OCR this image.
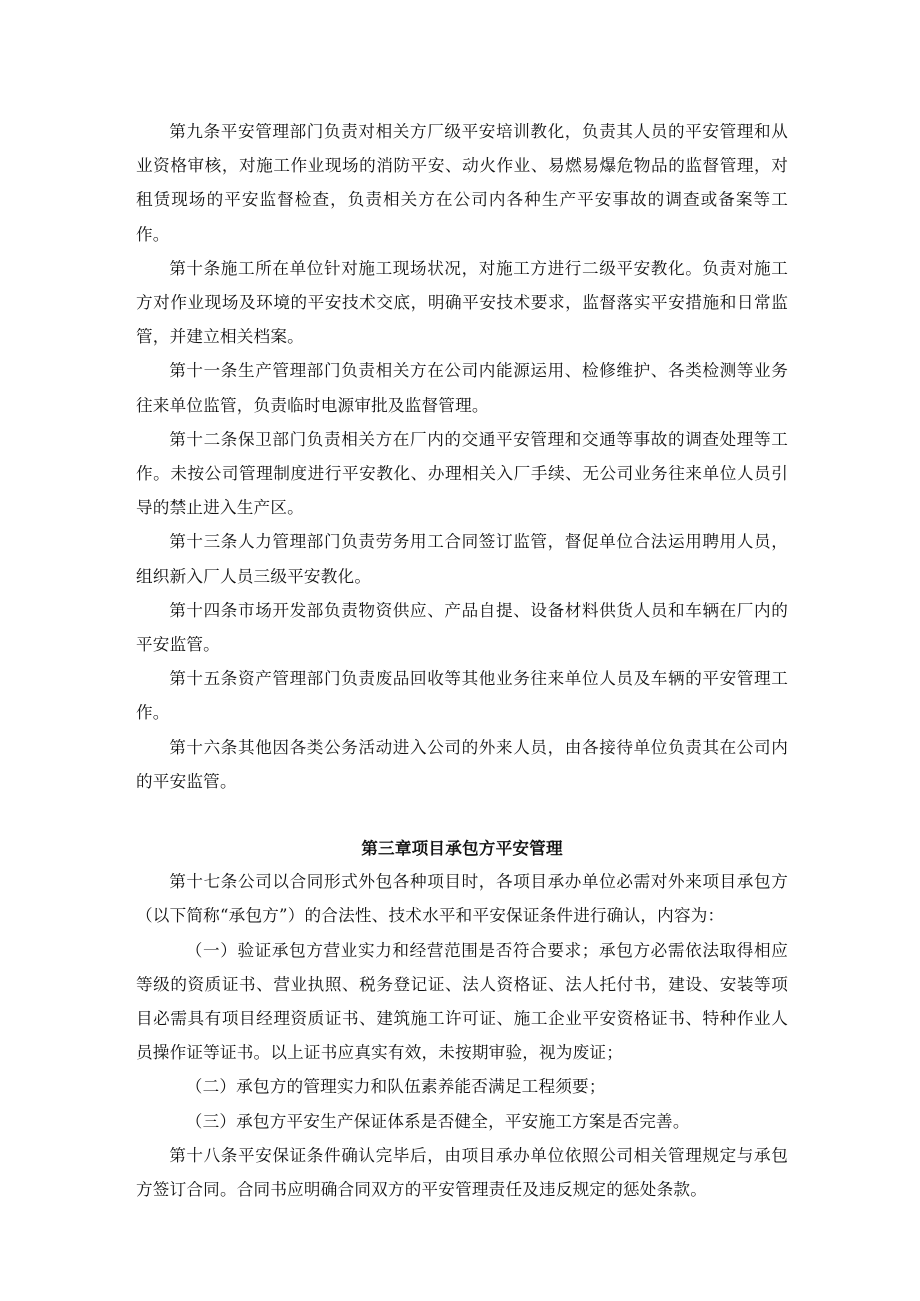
第九条平安管理部门负责对相关方厂级平安培训教化，负责其人员的平安管理和从业资格审核，对施工作业现场的消防平安、动火作业、易燃易爆危物品的监督管理，对租赁现场的平安监督检查，负责相关方在公司内各种生产平安事故的调查或备案等工作。

第十条施工所在单位针对施工现场状况，对施工方进行二级平安教化。负责对施工方对作业现场及环境的平安技术交底，明确平安技术要求，监督落实平安措施和日常监管，并建立相关档案。

第十一条生产管理部门负责相关方在公司内能源运用、检修维护、各类检测等业务往来单位监管，负责临时电源审批及监督管理。

第十二条保卫部门负责相关方在厂内的交通平安管理和交通等事故的调查处理等工作。未按公司管理制度进行平安教化、办理相关入厂手续、无公司业务往来单位人员引导的禁止进入生产区。

第十三条人力管理部门负责劳务用工合同签订监管，督促单位合法运用聘用人员，组织新入厂人员三级平安教化。

第十四条市场开发部负责物资供应、产品自提、设备材料供货人员和车辆在厂内的平安监管。

第十五条资产管理部门负责废品回收等其他业务往来单位人员及车辆的平安管理工作。

第十六条其他因各类公务活动进入公司的外来人员，由各接待单位负责其在公司内的平安监管。

第三章项目承包方平安管理

第十七条公司以合同形式外包各种项目时，各项目承办单位必需对外来项目承包方（以下简称“承包方”）的合法性、技术水平和平安保证条件进行确认，内容为：

（一）验证承包方营业实力和经营范围是否符合要求；承包方必需依法取得相应等级的资质证书、营业执照、税务登记证、法人资格证、法人托付书，建设、安装等项目必需具有项目经理资质证书、建筑施工许可证、施工企业平安资格证书、特种作业人员操作证等证书。以上证书应真实有效，未按期审验，视为废证；

（二）承包方的管理实力和队伍素养能否满足工程须要；

（三）承包方平安生产保证体系是否健全，平安施工方案是否完善。

第十八条平安保证条件确认完毕后，由项目承办单位依照公司相关管理规定与承包方签订合同。合同书应明确合同双方的平安管理责任及违反规定的惩处条款。
